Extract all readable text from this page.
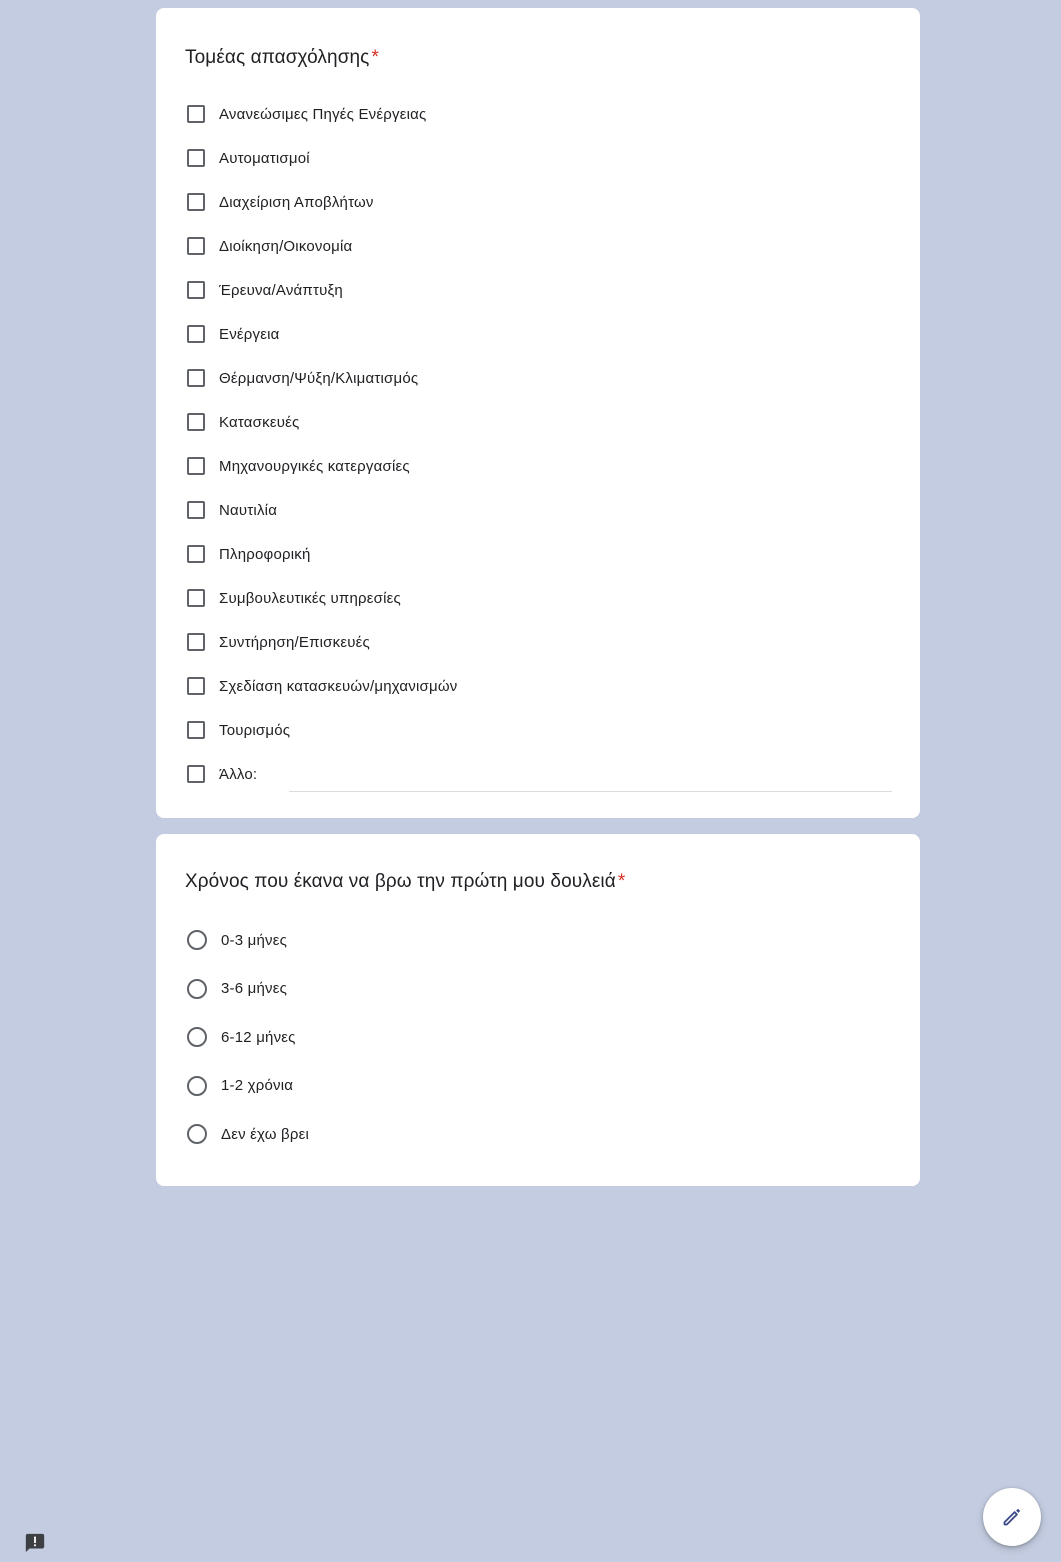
Τομέας απασχόλησης *
Ανανεώσιμες Πηγές Ενέργειας
Αυτοματισμοί
Διαχείριση Αποβλήτων
Διοίκηση/Οικονομία
Έρευνα/Ανάπτυξη
Ενέργεια
Θέρμανση/Ψύξη/Κλιματισμός
Κατασκευές
Μηχανουργικές κατεργασίες
Ναυτιλία
Πληροφορική
Συμβουλευτικές υπηρεσίες
Συντήρηση/Επισκευές
Σχεδίαση κατασκευών/μηχανισμών
Τουρισμός
Άλλο:
Χρόνος που έκανα να βρω την πρώτη μου δουλειά *
0-3 μήνες
3-6 μήνες
6-12 μήνες
1-2 χρόνια
Δεν έχω βρει
